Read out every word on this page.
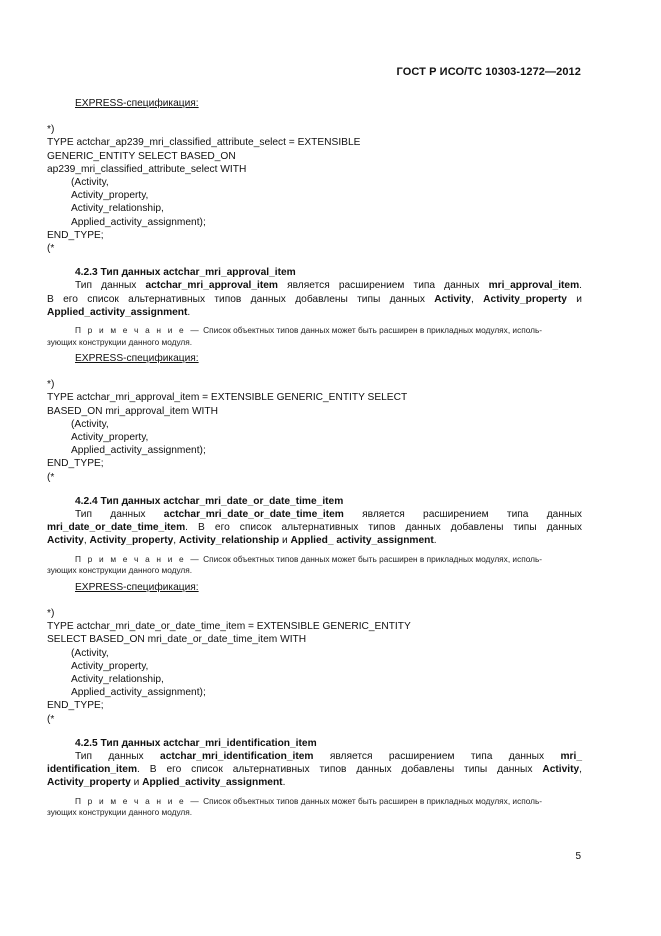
ГОСТ Р ИСО/ТС 10303-1272—2012
EXPRESS-спецификация:
*)
TYPE actchar_ap239_mri_classified_attribute_select = EXTENSIBLE
GENERIC_ENTITY SELECT BASED_ON
ap239_mri_classified_attribute_select WITH
(Activity,
Activity_property,
Activity_relationship,
Applied_activity_assignment);
END_TYPE;
(*
4.2.3 Тип данных actchar_mri_approval_item
Тип данных actchar_mri_approval_item является расширением типа данных mri_approval_item.
В его список альтернативных типов данных добавлены типы данных Activity, Activity_property и
Applied_activity_assignment.
П р и м е ч а н и е — Список объектных типов данных может быть расширен в прикладных модулях, исполь-
зующих конструкции данного модуля.
EXPRESS-спецификация:
*)
TYPE actchar_mri_approval_item = EXTENSIBLE GENERIC_ENTITY SELECT
BASED_ON mri_approval_item WITH
(Activity,
Activity_property,
Applied_activity_assignment);
END_TYPE;
(*
4.2.4 Тип данных actchar_mri_date_or_date_time_item
Тип данных actchar_mri_date_or_date_time_item является расширением типа данных
mri_date_or_date_time_item. В его список альтернативных типов данных добавлены типы данных
Activity, Activity_property, Activity_relationship и Applied_ activity_assignment.
П р и м е ч а н и е — Список объектных типов данных может быть расширен в прикладных модулях, исполь-
зующих конструкции данного модуля.
EXPRESS-спецификация:
*)
TYPE actchar_mri_date_or_date_time_item = EXTENSIBLE GENERIC_ENTITY
SELECT BASED_ON mri_date_or_date_time_item WITH
(Activity,
Activity_property,
Activity_relationship,
Applied_activity_assignment);
END_TYPE;
(*
4.2.5 Тип данных actchar_mri_identification_item
Тип данных actchar_mri_identification_item является расширением типа данных mri_
identification_item. В его список альтернативных типов данных добавлены типы данных Activity,
Activity_property и Applied_activity_assignment.
П р и м е ч а н и е — Список объектных типов данных может быть расширен в прикладных модулях, исполь-
зующих конструкции данного модуля.
5
